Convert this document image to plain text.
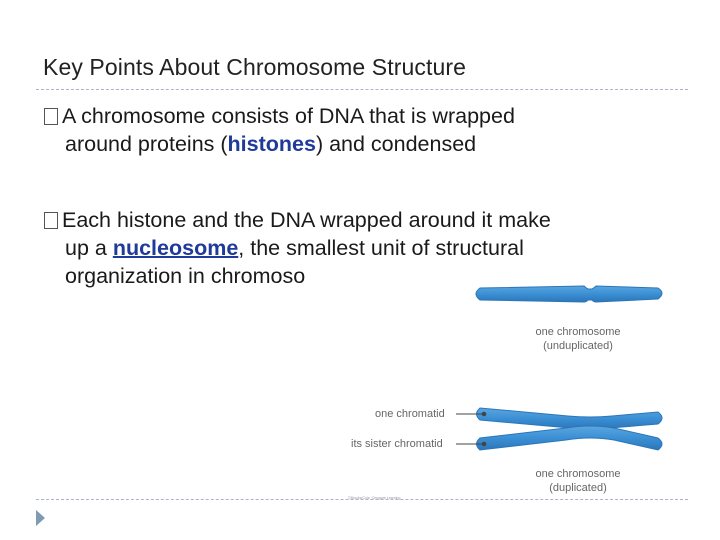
Key Points About Chromosome Structure
A chromosome consists of DNA that is wrapped
around proteins (histones) and condensed
Each histone and the DNA wrapped around it make
up a nucleosome, the smallest unit of structural
organization in chromoso
one chromosome
(unduplicated)
one chromatid
its sister chromatid
one chromosome
(duplicated)
©Brooks/Cole, Cengage Learning
